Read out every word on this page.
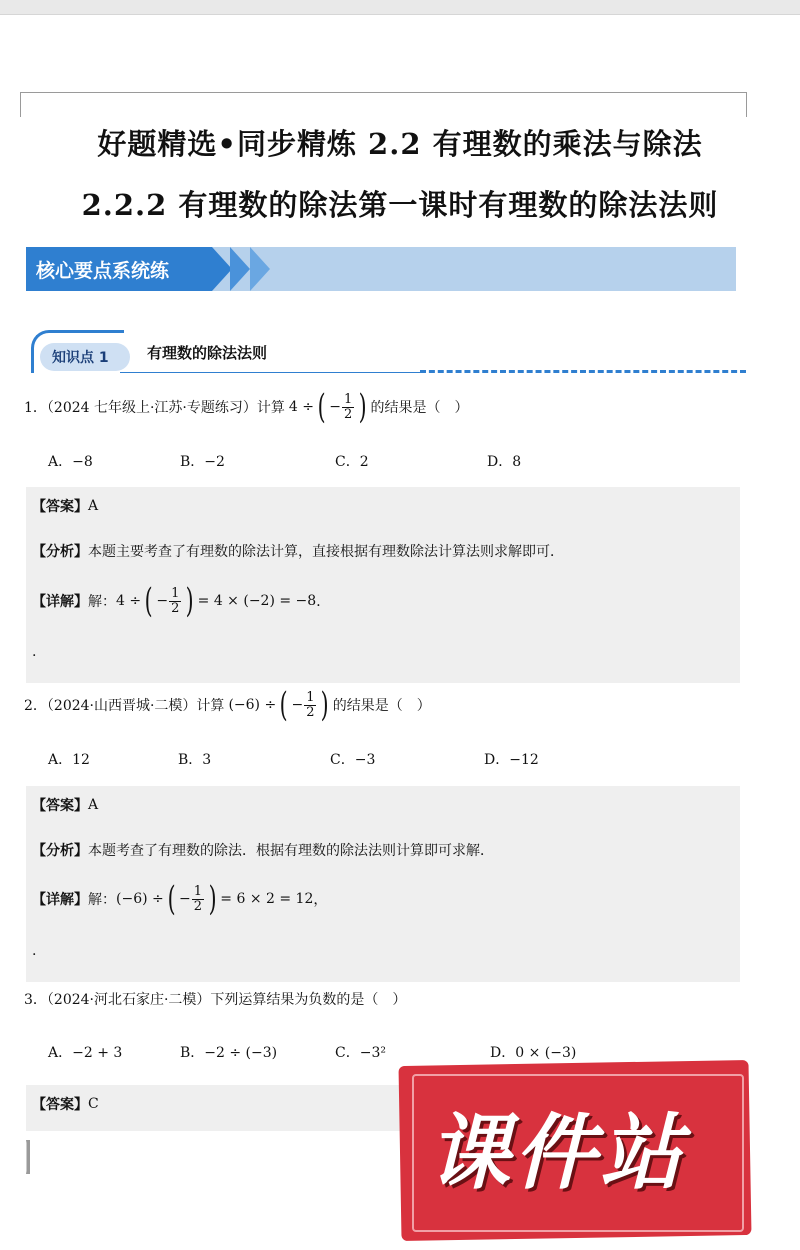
好题精选•同步精炼 2.2 有理数的乘法与除法
2.2.2 有理数的除法第一课时有理数的除法法则
核心要点系统练
知识点 1	有理数的除法法则
1．（2024 七年级上·江苏·专题练习）计算 4 ÷ ( − $\frac{1}{2}$ ) 的结果是（　）
A．−8	B．−2	C．2	D．8
【答案】 A
【分析】 本题主要考查了有理数的除法计算，直接根据有理数除法计算法则求解即可．
【详解】 解： 4 ÷ ( − $\frac{1}{2}$ ) = 4 × (−2) = −8 ．
.
2．（2024·山西晋城·二模）计算 (−6) ÷ ( − $\frac{1}{2}$ ) 的结果是（　）
A．12	B．3	C．−3	D．−12
【答案】 A
【分析】 本题考查了有理数的除法．根据有理数的除法法则计算即可求解．
【详解】 解： (−6) ÷ ( − $\frac{1}{2}$ ) = 6 × 2 = 12 ，
.
3．（2024·河北石家庄·二模）下列运算结果为负数的是（　）
A．−2 + 3	B．−2 ÷ (−3)	C．−3²	D．0 × (−3)
【答案】 C
课件站
